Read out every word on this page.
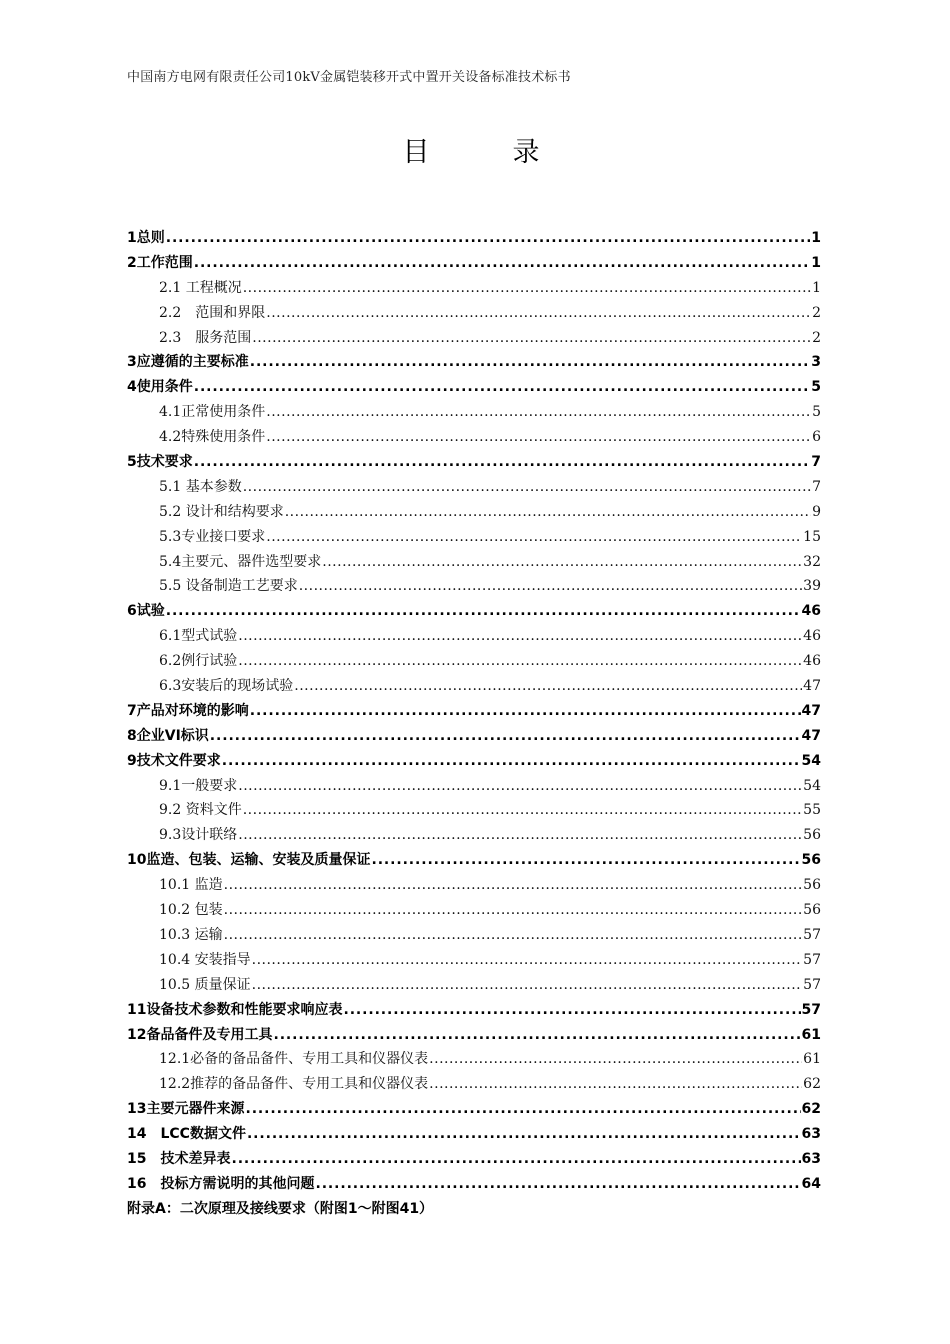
中国南方电网有限责任公司10kV金属铠装移开式中置开关设备标准技术标书
目　录
1总则 .....	1
2工作范围 .....	1
2.1 工程概况 .....	1
2.2　范围和界限 .....	2
2.3　服务范围 .....	2
3应遵循的主要标准 .....	3
4使用条件 .....	5
4.1正常使用条件 .....	5
4.2特殊使用条件 .....	6
5技术要求 .....	7
5.1 基本参数 .....	7
5.2 设计和结构要求 .....	9
5.3专业接口要求 .....	15
5.4主要元、器件选型要求 .....	32
5.5 设备制造工艺要求 .....	39
6试验 .....	46
6.1型式试验 .....	46
6.2例行试验 .....	46
6.3安装后的现场试验 .....	47
7产品对环境的影响 .....	47
8企业VI标识 .....	47
9技术文件要求 .....	54
9.1一般要求 .....	54
9.2 资料文件 .....	55
9.3设计联络 .....	56
10监造、包装、运输、安装及质量保证 .....	56
10.1 监造 .....	56
10.2 包装 .....	56
10.3 运输 .....	57
10.4 安装指导 .....	57
10.5 质量保证 .....	57
11设备技术参数和性能要求响应表 .....	57
12备品备件及专用工具 .....	61
12.1必备的备品备件、专用工具和仪器仪表 .....	61
12.2推荐的备品备件、专用工具和仪器仪表 .....	62
13主要元器件来源 .....	62
14　LCC数据文件 .....	63
15　技术差异表 .....	63
16　投标方需说明的其他问题 .....	64
附录A：二次原理及接线要求（附图1～附图41）
